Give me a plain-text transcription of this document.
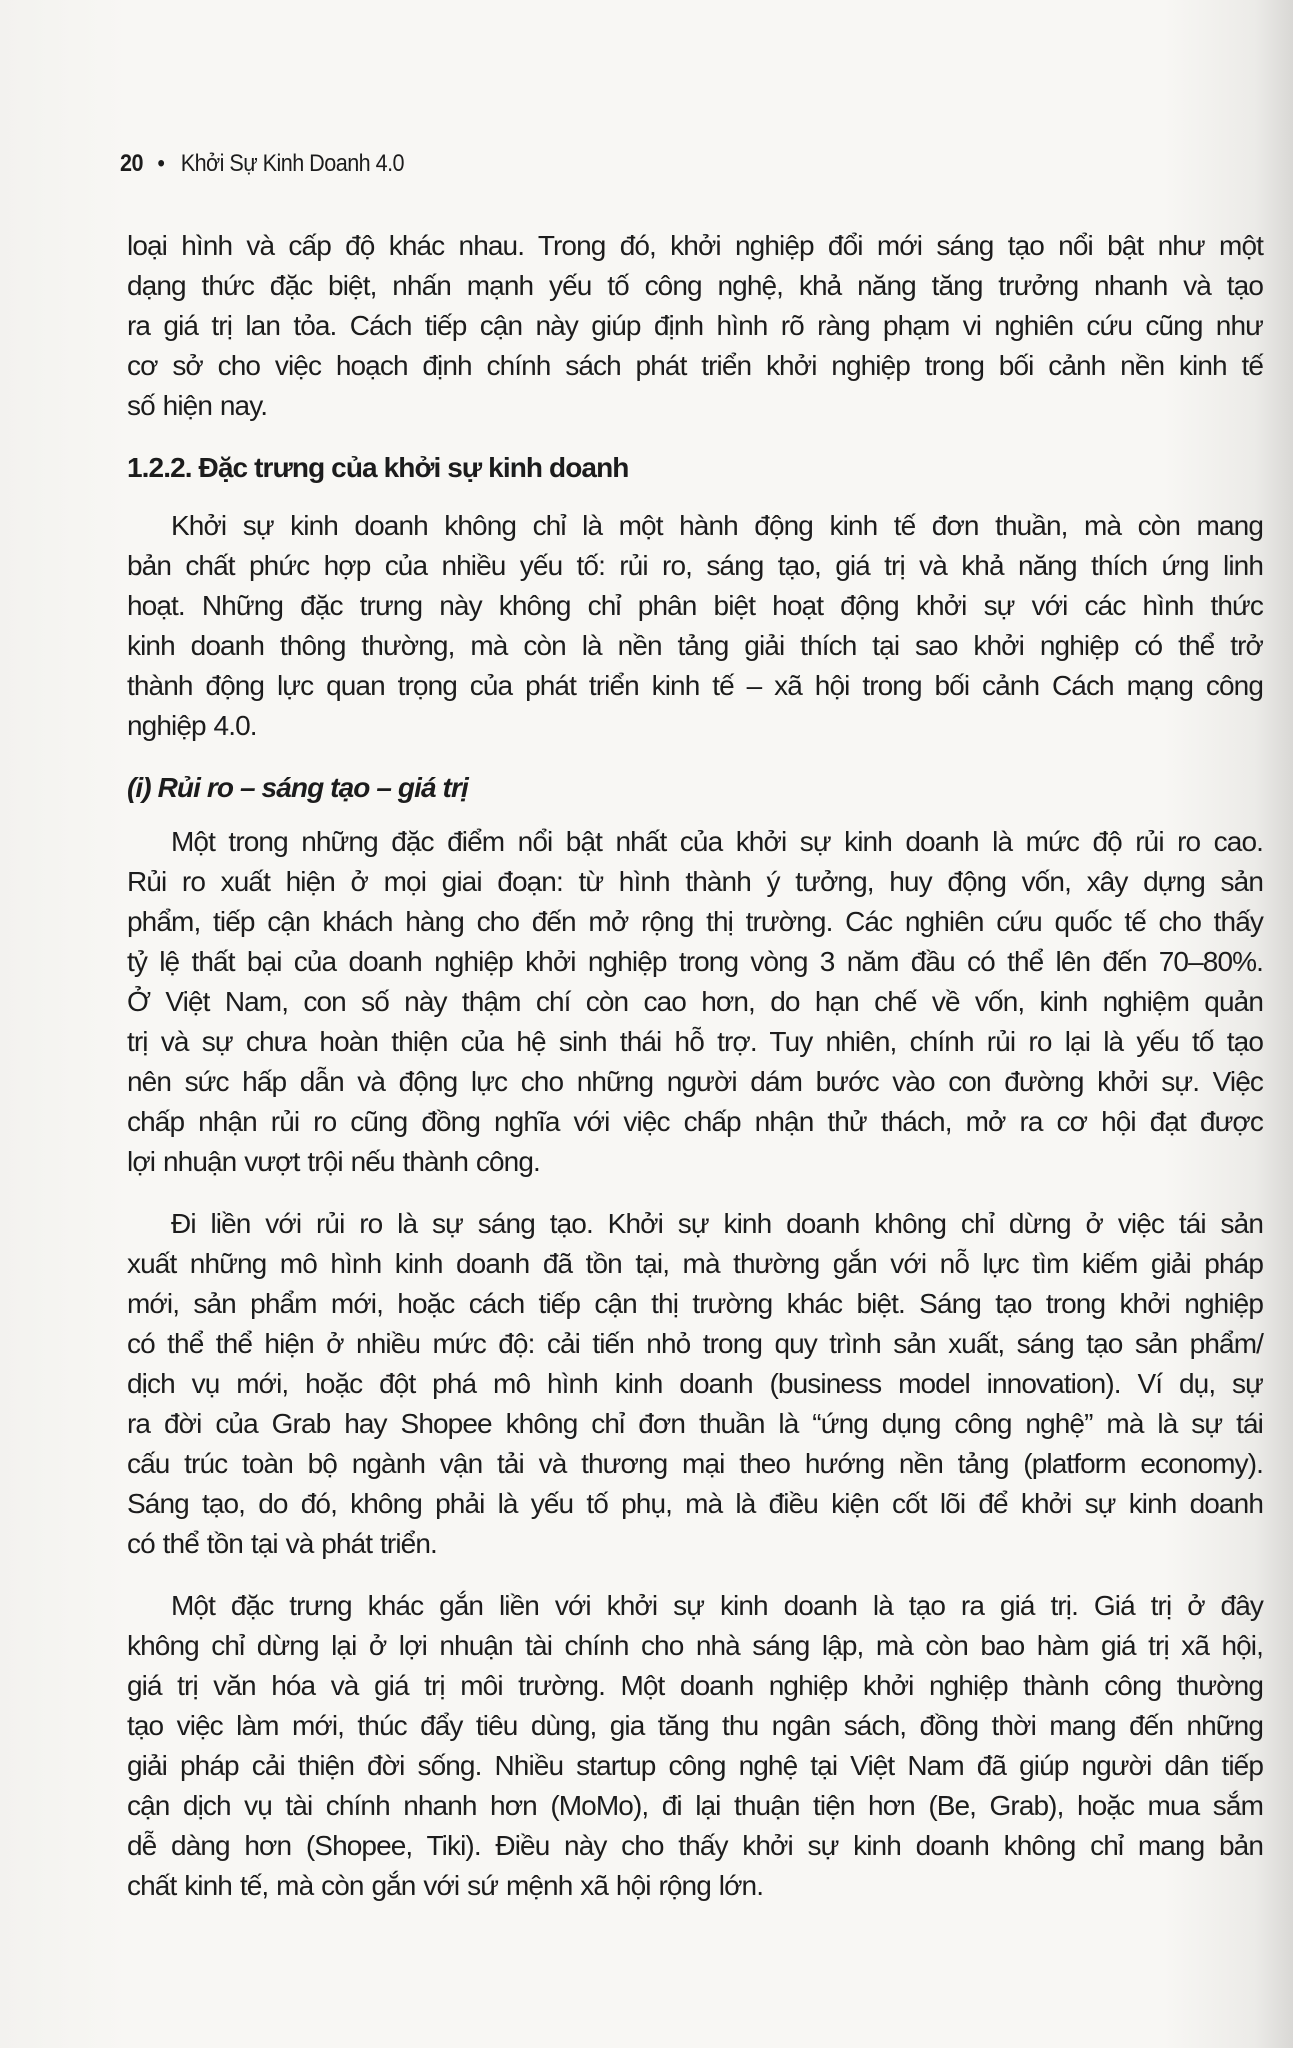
20 • Khởi Sự Kinh Doanh 4.0
loại hình và cấp độ khác nhau. Trong đó, khởi nghiệp đổi mới sáng tạo nổi bật như một
dạng thức đặc biệt, nhấn mạnh yếu tố công nghệ, khả năng tăng trưởng nhanh và tạo
ra giá trị lan tỏa. Cách tiếp cận này giúp định hình rõ ràng phạm vi nghiên cứu cũng như
cơ sở cho việc hoạch định chính sách phát triển khởi nghiệp trong bối cảnh nền kinh tế
số hiện nay.
1.2.2. Đặc trưng của khởi sự kinh doanh
Khởi sự kinh doanh không chỉ là một hành động kinh tế đơn thuần, mà còn mang
bản chất phức hợp của nhiều yếu tố: rủi ro, sáng tạo, giá trị và khả năng thích ứng linh
hoạt. Những đặc trưng này không chỉ phân biệt hoạt động khởi sự với các hình thức
kinh doanh thông thường, mà còn là nền tảng giải thích tại sao khởi nghiệp có thể trở
thành động lực quan trọng của phát triển kinh tế – xã hội trong bối cảnh Cách mạng công
nghiệp 4.0.
(i) Rủi ro – sáng tạo – giá trị
Một trong những đặc điểm nổi bật nhất của khởi sự kinh doanh là mức độ rủi ro cao.
Rủi ro xuất hiện ở mọi giai đoạn: từ hình thành ý tưởng, huy động vốn, xây dựng sản
phẩm, tiếp cận khách hàng cho đến mở rộng thị trường. Các nghiên cứu quốc tế cho thấy
tỷ lệ thất bại của doanh nghiệp khởi nghiệp trong vòng 3 năm đầu có thể lên đến 70–80%.
Ở Việt Nam, con số này thậm chí còn cao hơn, do hạn chế về vốn, kinh nghiệm quản
trị và sự chưa hoàn thiện của hệ sinh thái hỗ trợ. Tuy nhiên, chính rủi ro lại là yếu tố tạo
nên sức hấp dẫn và động lực cho những người dám bước vào con đường khởi sự. Việc
chấp nhận rủi ro cũng đồng nghĩa với việc chấp nhận thử thách, mở ra cơ hội đạt được
lợi nhuận vượt trội nếu thành công.
Đi liền với rủi ro là sự sáng tạo. Khởi sự kinh doanh không chỉ dừng ở việc tái sản
xuất những mô hình kinh doanh đã tồn tại, mà thường gắn với nỗ lực tìm kiếm giải pháp
mới, sản phẩm mới, hoặc cách tiếp cận thị trường khác biệt. Sáng tạo trong khởi nghiệp
có thể thể hiện ở nhiều mức độ: cải tiến nhỏ trong quy trình sản xuất, sáng tạo sản phẩm/
dịch vụ mới, hoặc đột phá mô hình kinh doanh (business model innovation). Ví dụ, sự
ra đời của Grab hay Shopee không chỉ đơn thuần là “ứng dụng công nghệ” mà là sự tái
cấu trúc toàn bộ ngành vận tải và thương mại theo hướng nền tảng (platform economy).
Sáng tạo, do đó, không phải là yếu tố phụ, mà là điều kiện cốt lõi để khởi sự kinh doanh
có thể tồn tại và phát triển.
Một đặc trưng khác gắn liền với khởi sự kinh doanh là tạo ra giá trị. Giá trị ở đây
không chỉ dừng lại ở lợi nhuận tài chính cho nhà sáng lập, mà còn bao hàm giá trị xã hội,
giá trị văn hóa và giá trị môi trường. Một doanh nghiệp khởi nghiệp thành công thường
tạo việc làm mới, thúc đẩy tiêu dùng, gia tăng thu ngân sách, đồng thời mang đến những
giải pháp cải thiện đời sống. Nhiều startup công nghệ tại Việt Nam đã giúp người dân tiếp
cận dịch vụ tài chính nhanh hơn (MoMo), đi lại thuận tiện hơn (Be, Grab), hoặc mua sắm
dễ dàng hơn (Shopee, Tiki). Điều này cho thấy khởi sự kinh doanh không chỉ mang bản
chất kinh tế, mà còn gắn với sứ mệnh xã hội rộng lớn.
